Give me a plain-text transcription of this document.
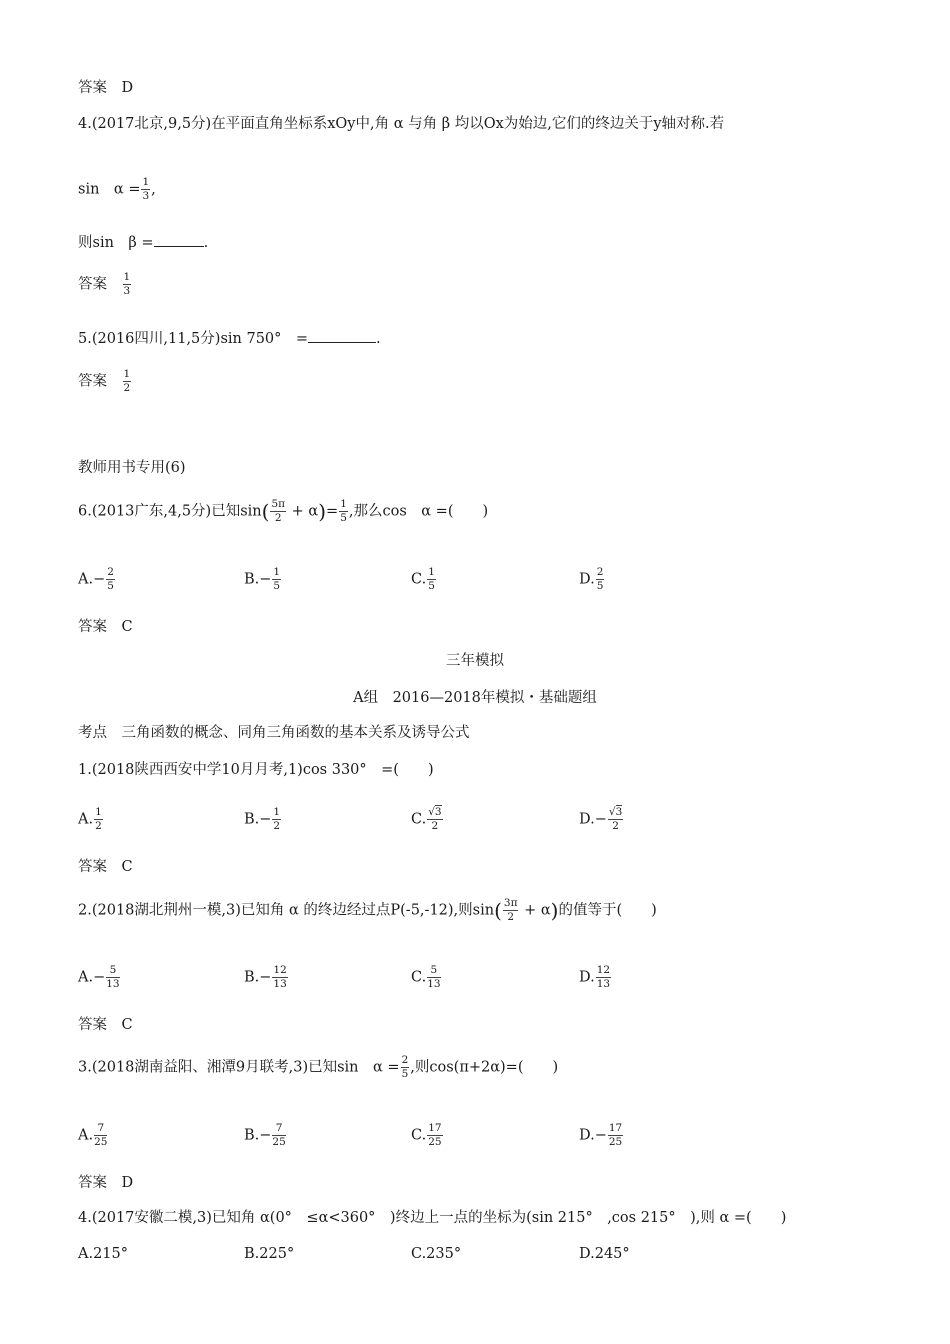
答案　D
4.(2017北京,9,5分)在平面直角坐标系xOy中,角 α 与角 β 均以Ox为始边,它们的终边关于y轴对称.若
sin　$\alpha = \frac{1}{3}$ ,
则sin　β =	.
答案　 $\frac{1}{3}$
5.(2016四川,11,5分)sin 750°　=	.
答案　 $\frac{1}{2}$
教师用书专用(6)
6.(2013广东,4,5分)已知$\sin( \frac{5\pi}{2} + \alpha)= \frac{1}{5}$ ,那么cos　α =(　　)
$A.- \frac{2}{5}$	$B.- \frac{1}{5}$	C. $\frac{1}{5}$	D. $\frac{2}{5}$
答案　C
三年模拟
A组　2016—2018年模拟・基础题组
考点　三角函数的概念、同角三角函数的基本关系及诱导公式
1.(2018陕西西安中学10月月考,1)cos 330°　=(　　)
A. $\frac{1}{2}$	$B.- \frac{1}{2}$	C. $\frac{√3}{2}$	$D.- \frac{√3}{2}$
答案　C
2.(2018湖北荆州一模,3)已知角 α 的终边经过点P(-5,-12),则$\sin( \frac{3\pi}{2} + \alpha)$的值等于(　　)
$A.- \frac{5}{13}$	$B.- \frac{12}{13}$	C. $\frac{5}{13}$	D. $\frac{12}{13}$
答案　C
3.(2018湖南益阳、湘潭9月联考,3)已知sin　$\alpha = \frac{2}{5}$ ,则cos(π+2α)=(　　)
A. $\frac{7}{25}$	$B.- \frac{7}{25}$	C. $\frac{17}{25}$	$D.- \frac{17}{25}$
答案　D
4.(2017安徽二模,3)已知角 α(0°　≤α<360°　)终边上一点的坐标为(sin 215°　,cos 215°　),则 α =(　　)
A.215°	B.225°	C.235°	D.245°
